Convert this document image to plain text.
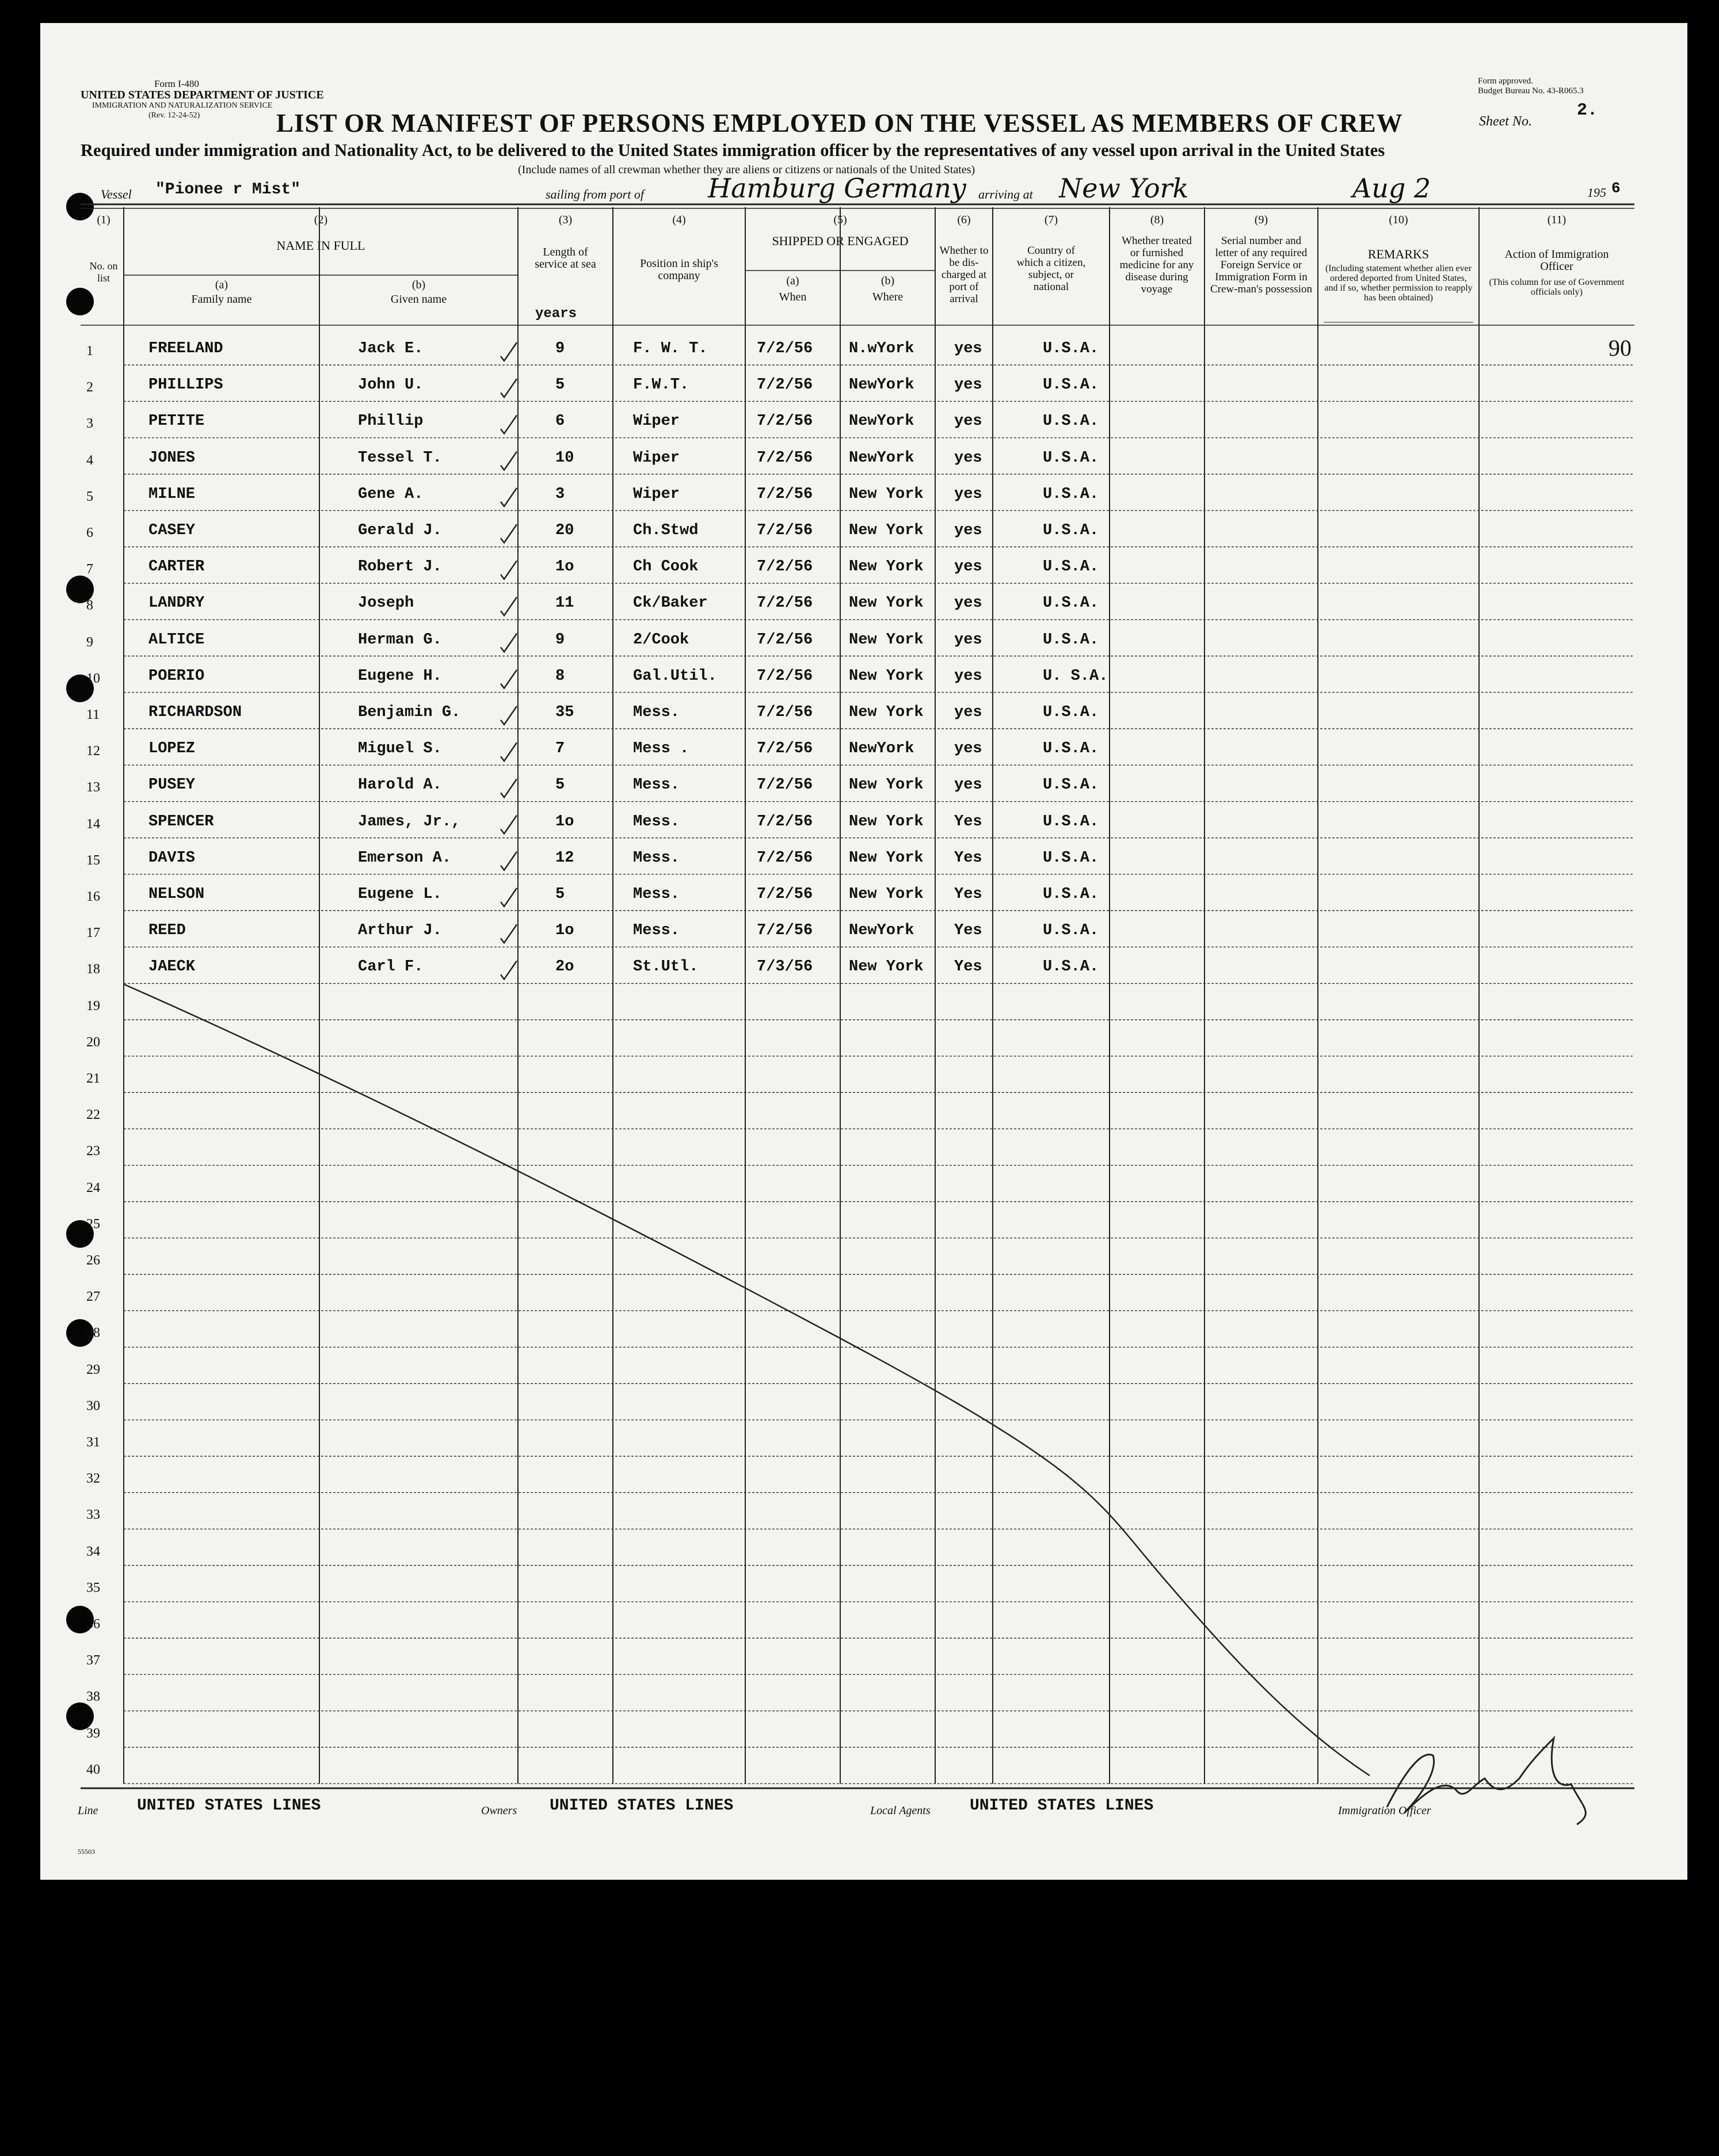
Form I-480
UNITED STATES DEPARTMENT OF JUSTICE
IMMIGRATION AND NATURALIZATION SERVICE
(Rev. 12-24-52)
Form approved.
Budget Bureau No. 43-R065.3
Sheet No.
2.
LIST OR MANIFEST OF PERSONS EMPLOYED ON THE VESSEL AS MEMBERS OF CREW
Required under immigration and Nationality Act, to be delivered to the United States immigration officer by the representatives of any vessel upon arrival in the United States
(Include names of all crewman whether they are aliens or citizens or nationals of the United States)
Vessel "Pionee r Mist"	sailing from port of Hamburg Germany arriving at New York	Aug 2	195 6
(1)
No. on list
(2)
NAME IN FULL
(a)
Family name
(b)
Given name
(3)
Length of service at sea
years
(4)
Position in ship's company
(5)
SHIPPED OR ENGAGED
(a)
When
(b)
Where
(6)
Whether to be dis-charged at port of arrival
(7)
Country of which a citizen, subject, or national
(8)
Whether treated or furnished medicine for any disease during voyage
(9)
Serial number and letter of any required Foreign Service or Immigration Form in Crew-man's possession
(10)
REMARKS
(Including statement whether alien ever ordered deported from United States, and if so, whether permission to reapply has been obtained)
(11)
Action of Immigration Officer
(This column for use of Government officials only)
1	FREELAND	Jack E.	9	F. W. T.	7/2/56 N.wYork	yes	U.S.A.	90
2	PHILLIPS	John U.	5	F.W.T.	7/2/56 NewYork	yes	U.S.A.
3	PETITE	Phillip	6	Wiper	7/2/56 NewYork	yes	U.S.A.
4	JONES	Tessel T.	10	Wiper	7/2/56 NewYork	yes	U.S.A.
5	MILNE	Gene A.	3	Wiper	7/2/56 New York yes	U.S.A.
6	CASEY	Gerald J.	20	Ch.Stwd	7/2/56 New York yes	U.S.A.
7	CARTER	Robert J.	1o	Ch Cook	7/2/56 New York yes	U.S.A.
8	LANDRY	Joseph	11	Ck/Baker	7/2/56 New York yes	U.S.A.
9	ALTICE	Herman G.	9	2/Cook	7/2/56 New York yes	U.S.A.
10	POERIO	Eugene H.	8	Gal.Util.	7/2/56 New York yes	U. S.A.
11	RICHARDSON	Benjamin G.	35	Mess.	7/2/56 New York yes	U.S.A.
12	LOPEZ	Miguel S.	7	Mess .	7/2/56 NewYork	yes	U.S.A.
13	PUSEY	Harold A.	5	Mess.	7/2/56 New York yes	U.S.A.
14	SPENCER	James, Jr.,	1o	Mess.	7/2/56 New York Yes	U.S.A.
15	DAVIS	Emerson A.	12	Mess.	7/2/56 New York Yes	U.S.A.
16	NELSON	Eugene L.	5	Mess.	7/2/56 New York Yes	U.S.A.
17	REED	Arthur J.	1o	Mess.	7/2/56 NewYork	Yes	U.S.A.
18	JAECK	Carl F.	2o	St.Utl.	7/3/56 New York Yes	U.S.A.
19
20
21
22
23
24
25
26
27
28
29
30
31
32
33
34
35
36
37
38
39
40
Line UNITED STATES LINES	Owners UNITED STATES LINES	Local Agents UNITED STATES LINES	Immigration Officer
55503
